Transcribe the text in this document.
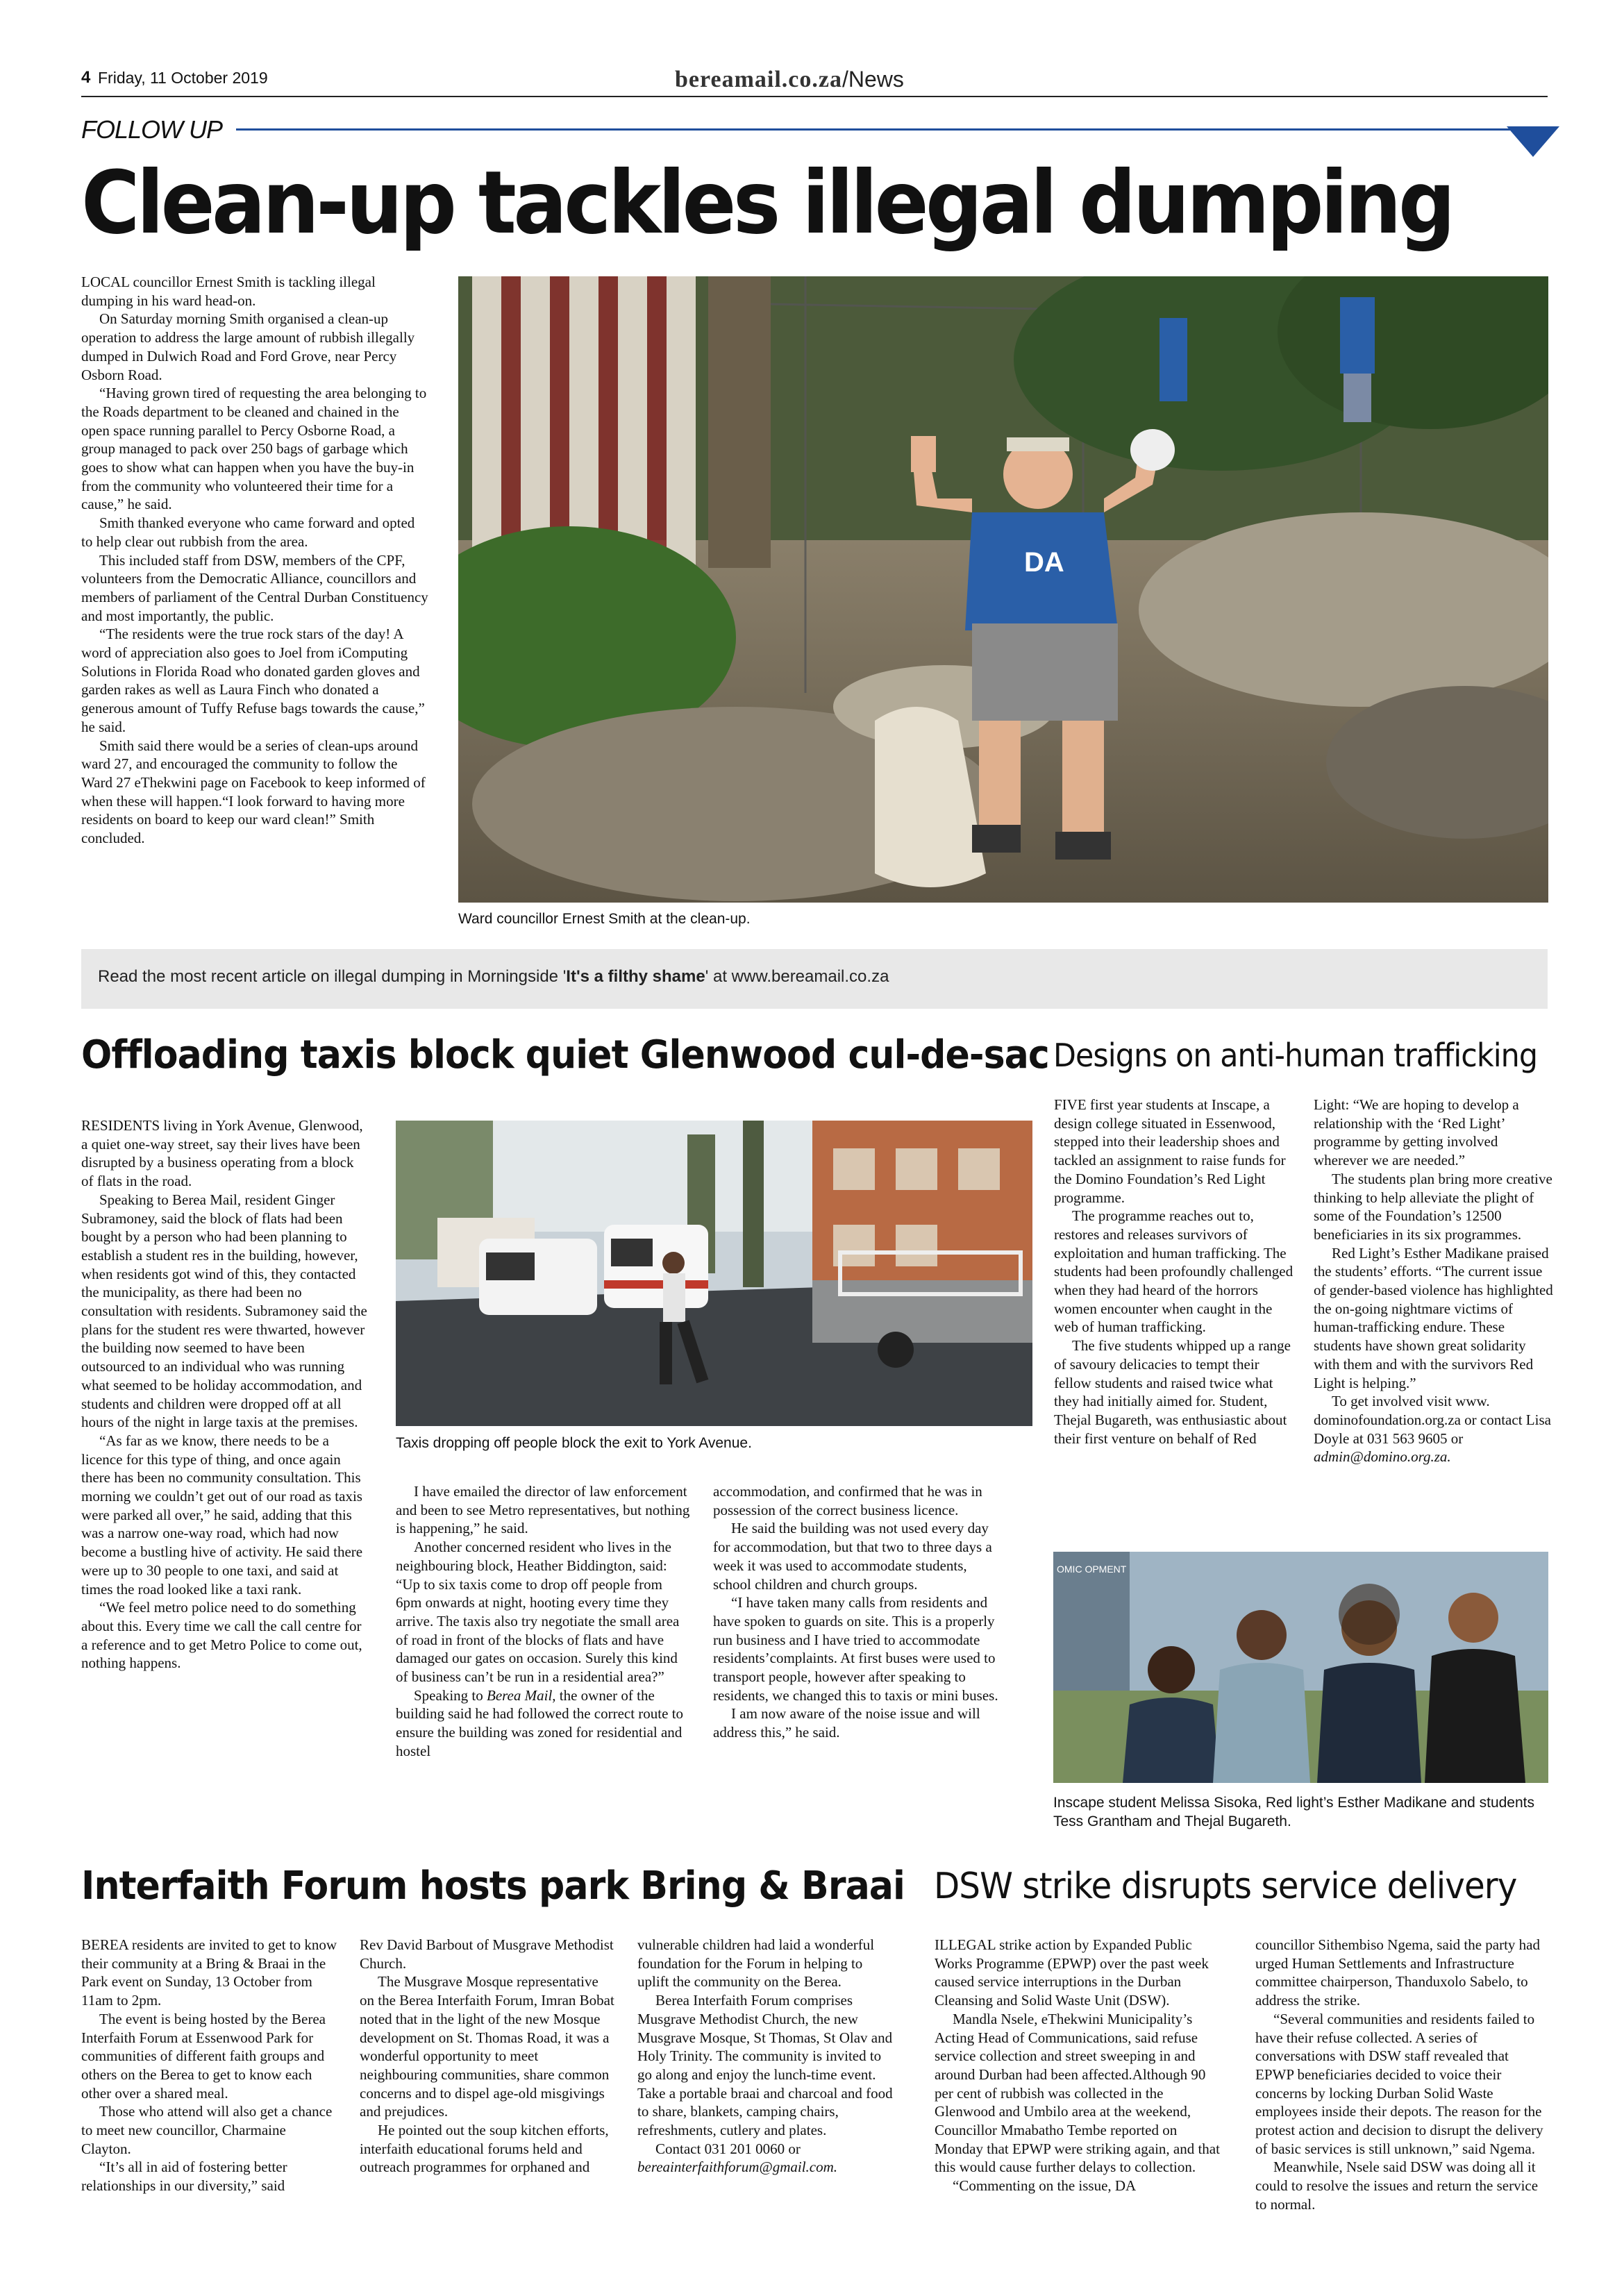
4 Friday, 11 October 2019	bereamail.co.za/News
FOLLOW UP
Clean-up tackles illegal dumping

LOCAL councillor Ernest Smith is tackling illegal dumping in his ward head-on.

On Saturday morning Smith organised a clean-up operation to address the large amount of rubbish illegally dumped in Dulwich Road and Ford Grove, near Percy Osborn Road.

“Having grown tired of requesting the area belonging to the Roads department to be cleaned and chained in the open space running parallel to Percy Osborne Road, a group managed to pack over 250 bags of garbage which goes to show what can happen when you have the buy-in from the community who volunteered their time for a cause,” he said.

Smith thanked everyone who came forward and opted to help clear out rubbish from the area.

This included staff from DSW, members of the CPF, volunteers from the Democratic Alliance, councillors and members of parliament of the Central Durban Constituency and most importantly, the public.

“The residents were the true rock stars of the day! A word of appreciation also goes to Joel from iComputing Solutions in Florida Road who donated garden gloves and garden rakes as well as Laura Finch who donated a generous amount of Tuffy Refuse bags towards the cause,” he said.

Smith said there would be a series of clean-ups around ward 27, and encouraged the community to follow the Ward 27 eThekwini page on Facebook to keep informed of when these will happen.“I look forward to having more residents on board to keep our ward clean!” Smith concluded.

DA
Ward councillor Ernest Smith at the clean-up.
Read the most recent article on illegal dumping in Morningside 'It's a filthy shame' at www.bereamail.co.za
Offloading taxis block quiet Glenwood cul-de-sac

RESIDENTS living in York Avenue, Glenwood, a quiet one-way street, say their lives have been disrupted by a business operating from a block of flats in the road.

Speaking to Berea Mail, resident Ginger Subramoney, said the block of flats had been bought by a person who had been planning to establish a student res in the building, however, when residents got wind of this, they contacted the municipality, as there had been no consultation with residents. Subramoney said the plans for the student res were thwarted, however the building now seemed to have been outsourced to an individual who was running what seemed to be holiday accommodation, and students and children were dropped off at all hours of the night in large taxis at the premises.

“As far as we know, there needs to be a licence for this type of thing, and once again there has been no community consultation. This morning we couldn’t get out of our road as taxis were parked all over,” he said, adding that this was a narrow one-way road, which had now become a bustling hive of activity. He said there were up to 30 people to one taxi, and said at times the road looked like a taxi rank.

“We feel metro police need to do something about this. Every time we call the call centre for a reference and to get Metro Police to come out, nothing happens.

Taxis dropping off people block the exit to York Avenue.

I have emailed the director of law enforcement and been to see Metro representatives, but nothing is happening,” he said.

Another concerned resident who lives in the neighbouring block, Heather Biddington, said: “Up to six taxis come to drop off people from 6pm onwards at night, hooting every time they arrive. The taxis also try negotiate the small area of road in front of the blocks of flats and have damaged our gates on occasion. Surely this kind of business can’t be run in a residential area?”

Speaking to Berea Mail, the owner of the building said he had followed the correct route to ensure the building was zoned for residential and hostel

accommodation, and confirmed that he was in possession of the correct business licence.

He said the building was not used every day for accommodation, but that two to three days a week it was used to accommodate students, school children and church groups.

“I have taken many calls from residents and have spoken to guards on site. This is a properly run business and I have tried to accommodate residents’complaints. At first buses were used to transport people, however after speaking to residents, we changed this to taxis or mini buses.

I am now aware of the noise issue and will address this,” he said.

Designs on anti-human trafficking

FIVE first year students at Inscape, a design college situated in Essenwood, stepped into their leadership shoes and tackled an assignment to raise funds for the Domino Foundation’s Red Light programme.

The programme reaches out to, restores and releases survivors of exploitation and human trafficking. The students had been profoundly challenged when they had heard of the horrors women encounter when caught in the web of human trafficking.

The five students whipped up a range of savoury delicacies to tempt their fellow students and raised twice what they had initially aimed for. Student, Thejal Bugareth, was enthusiastic about their first venture on behalf of Red

Light: “We are hoping to develop a relationship with the ‘Red Light’ programme by getting involved wherever we are needed.”

The students plan bring more creative thinking to help alleviate the plight of some of the Foundation’s 12500 beneficiaries in its six programmes.

Red Light’s Esther Madikane praised the students’ efforts. “The current issue of gender-based violence has highlighted the on-going nightmare victims of human-trafficking endure. These students have shown great solidarity with them and with the survivors Red Light is helping.”

To get involved visit www. dominofoundation.org.za or contact Lisa Doyle at 031 563 9605 or admin@domino.org.za.

OMIC OPMENT
Inscape student Melissa Sisoka, Red light’s Esther Madikane and students Tess Grantham and Thejal Bugareth.
Interfaith Forum hosts park Bring & Braai

BEREA residents are invited to get to know their community at a Bring & Braai in the Park event on Sunday, 13 October from 11am to 2pm.

The event is being hosted by the Berea Interfaith Forum at Essenwood Park for communities of different faith groups and others on the Berea to get to know each other over a shared meal.

Those who attend will also get a chance to meet new councillor, Charmaine Clayton.

“It’s all in aid of fostering better relationships in our diversity,” said

Rev David Barbout of Musgrave Methodist Church.

The Musgrave Mosque representative on the Berea Interfaith Forum, Imran Bobat noted that in the light of the new Mosque development on St. Thomas Road, it was a wonderful opportunity to meet neighbouring communities, share common concerns and to dispel age-old misgivings and prejudices.

He pointed out the soup kitchen efforts, interfaith educational forums held and outreach programmes for orphaned and

vulnerable children had laid a wonderful foundation for the Forum in helping to uplift the community on the Berea.

Berea Interfaith Forum comprises Musgrave Methodist Church, the new Musgrave Mosque, St Thomas, St Olav and Holy Trinity. The community is invited to go along and enjoy the lunch-time event. Take a portable braai and charcoal and food to share, blankets, camping chairs, refreshments, cutlery and plates.

Contact 031 201 0060 or

bereainterfaithforum@gmail.com.

DSW strike disrupts service delivery

ILLEGAL strike action by Expanded Public Works Programme (EPWP) over the past week caused service interruptions in the Durban Cleansing and Solid Waste Unit (DSW).

Mandla Nsele, eThekwini Municipality’s Acting Head of Communications, said refuse service collection and street sweeping in and around Durban had been affected.Although 90 per cent of rubbish was collected in the Glenwood and Umbilo area at the weekend, Councillor Mmabatho Tembe reported on Monday that EPWP were striking again, and that this would cause further delays to collection.

“Commenting on the issue, DA

councillor Sithembiso Ngema, said the party had urged Human Settlements and Infrastructure committee chairperson, Thanduxolo Sabelo, to address the strike.

“Several communities and residents failed to have their refuse collected. A series of conversations with DSW staff revealed that EPWP beneficiaries decided to voice their concerns by locking Durban Solid Waste employees inside their depots. The reason for the protest action and decision to disrupt the delivery of basic services is still unknown,” said Ngema.

Meanwhile, Nsele said DSW was doing all it could to resolve the issues and return the service to normal.
